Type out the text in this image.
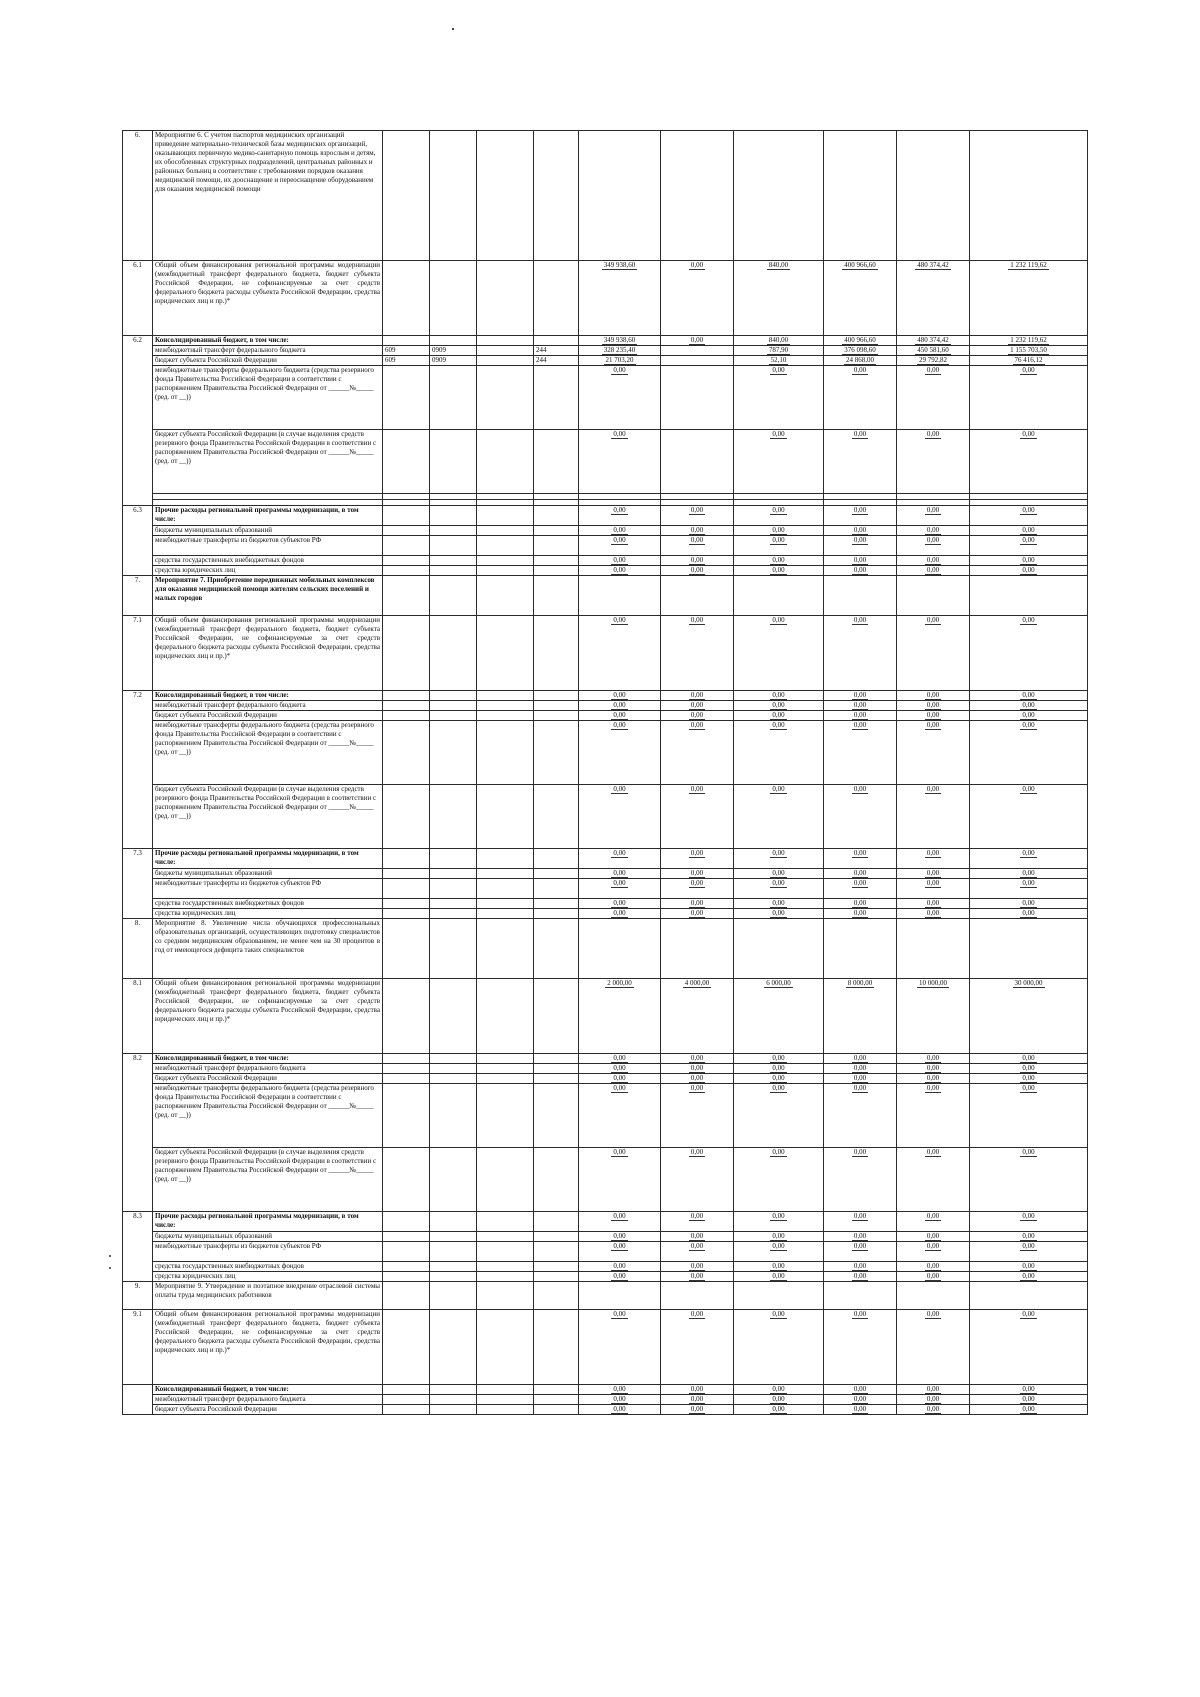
6.	Мероприятие 6. С учетом паспортов медицинских организаций приведение материально-технической базы медицинских организаций, оказывающих первичную медико-санитарную помощь взрослым и детям, их обособленных структурных подразделений, центральных районных и районных больниц в соответствие с требованиями порядков оказания медицинской помощи, их дооснащение и переоснащение оборудованием для оказания медицинской помощи										
6.1	Общий объем финансирования региональной программы модернизации (межбюджетный трансферт федерального бюджета, бюджет субъекта Российской Федерации, не софинансируемые за счет средств федерального бюджета расходы субъекта Российской Федерации, средства юридических лиц и пр.)*					349 938,60	0,00	840,00	400 966,60	480 374,42	1 232 119,62
6.2	Консолидированный бюджет, в том числе:					349 938,60	0,00	840,00	400 966,60	480 374,42	1 232 119,62
	межбюджетный трансферт федерального бюджета	609	0909		244	328 235,40		787,90	376 098,60	450 581,60	1 155 703,50
	бюджет субъекта Российской Федерации	609	0909		244	21 703,20		52,10	24 868,00	29 792,82	76 416,12
	межбюджетные трансферты федерального бюджета (средства резервного фонда Правительства Российской Федерации в соответствии с распоряжением Правительства Российской Федерации от ______№_____ (ред. от __))					0,00		0,00	0,00	0,00	0,00
	бюджет субъекта Российской Федерации (в случае выделения средств резервного фонда Правительства Российской Федерации в соответствии с распоряжением Правительства Российской Федерации от ______№_____ (ред. от __))					0,00		0,00	0,00	0,00	0,00

6.3	Прочие расходы региональной программы модернизации, в том числе:					0,00	0,00	0,00	0,00	0,00	0,00
	бюджеты муниципальных образований					0,00	0,00	0,00	0,00	0,00	0,00
	межбюджетные трансферты из бюджетов субъектов РФ					0,00	0,00	0,00	0,00	0,00	0,00
	средства государственных внебюджетных фондов					0,00	0,00	0,00	0,00	0,00	0,00
	средства юридических лиц					0,00	0,00	0,00	0,00	0,00	0,00
7.	Мероприятие 7. Приобретение передвижных мобильных комплексов для оказания медицинской помощи жителям сельских поселений и малых городов										
7.1	Общий объем финансирования региональной программы модернизации (межбюджетный трансферт федерального бюджета, бюджет субъекта Российской Федерации, не софинансируемые за счет средств федерального бюджета расходы субъекта Российской Федерации, средства юридических лиц и пр.)*					0,00	0,00	0,00	0,00	0,00	0,00
7.2	Консолидированный бюджет, в том числе:					0,00	0,00	0,00	0,00	0,00	0,00
	межбюджетный трансферт федерального бюджета					0,00	0,00	0,00	0,00	0,00	0,00
	бюджет субъекта Российской Федерации					0,00	0,00	0,00	0,00	0,00	0,00
	межбюджетные трансферты федерального бюджета (средства резервного фонда Правительства Российской Федерации в соответствии с распоряжением Правительства Российской Федерации от ______№_____ (ред. от __))					0,00	0,00	0,00	0,00	0,00	0,00
	бюджет субъекта Российской Федерации (в случае выделения средств резервного фонда Правительства Российской Федерации в соответствии с распоряжением Правительства Российской Федерации от ______№_____ (ред. от __))					0,00	0,00	0,00	0,00	0,00	0,00
7.3	Прочие расходы региональной программы модернизации, в том числе:					0,00	0,00	0,00	0,00	0,00	0,00
	бюджеты муниципальных образований					0,00	0,00	0,00	0,00	0,00	0,00
	межбюджетные трансферты из бюджетов субъектов РФ					0,00	0,00	0,00	0,00	0,00	0,00
	средства государственных внебюджетных фондов					0,00	0,00	0,00	0,00	0,00	0,00
	средства юридических лиц					0,00	0,00	0,00	0,00	0,00	0,00
8.	Мероприятие 8. Увеличение числа обучающихся профессиональных образовательных организаций, осуществляющих подготовку специалистов со средним медицинским образованием, не менее чем на 30 процентов в год от имеющегося дефицита таких специалистов										
8.1	Общий объем финансирования региональной программы модернизации (межбюджетный трансферт федерального бюджета, бюджет субъекта Российской Федерации, не софинансируемые за счет средств федерального бюджета расходы субъекта Российской Федерации, средства юридических лиц и пр.)*					2 000,00	4 000,00	6 000,00	8 000,00	10 000,00	30 000,00
8.2	Консолидированный бюджет, в том числе:					0,00	0,00	0,00	0,00	0,00	0,00
	межбюджетный трансферт федерального бюджета					0,00	0,00	0,00	0,00	0,00	0,00
	бюджет субъекта Российской Федерации					0,00	0,00	0,00	0,00	0,00	0,00
	межбюджетные трансферты федерального бюджета (средства резервного фонда Правительства Российской Федерации в соответствии с распоряжением Правительства Российской Федерации от ______№_____ (ред. от __))					0,00	0,00	0,00	0,00	0,00	0,00
	бюджет субъекта Российской Федерации (в случае выделения средств резервного фонда Правительства Российской Федерации в соответствии с распоряжением Правительства Российской Федерации от ______№_____ (ред. от __))					0,00	0,00	0,00	0,00	0,00	0,00
8.3	Прочие расходы региональной программы модернизации, в том числе:					0,00	0,00	0,00	0,00	0,00	0,00
	бюджеты муниципальных образований					0,00	0,00	0,00	0,00	0,00	0,00
	межбюджетные трансферты из бюджетов субъектов РФ					0,00	0,00	0,00	0,00	0,00	0,00
	средства государственных внебюджетных фондов					0,00	0,00	0,00	0,00	0,00	0,00
	средства юридических лиц					0,00	0,00	0,00	0,00	0,00	0,00
9.	Мероприятие 9. Утверждение и поэтапное внедрение отраслевой системы оплаты труда медицинских работников										
9.1	Общий объем финансирования региональной программы модернизации (межбюджетный трансферт федерального бюджета, бюджет субъекта Российской Федерации, не софинансируемые за счет средств федерального бюджета расходы субъекта Российской Федерации, средства юридических лиц и пр.)*					0,00	0,00	0,00	0,00	0,00	0,00
	Консолидированный бюджет, в том числе:					0,00	0,00	0,00	0,00	0,00	0,00
	межбюджетный трансферт федерального бюджета					0,00	0,00	0,00	0,00	0,00	0,00
	бюджет субъекта Российской Федерации					0,00	0,00	0,00	0,00	0,00	0,00
